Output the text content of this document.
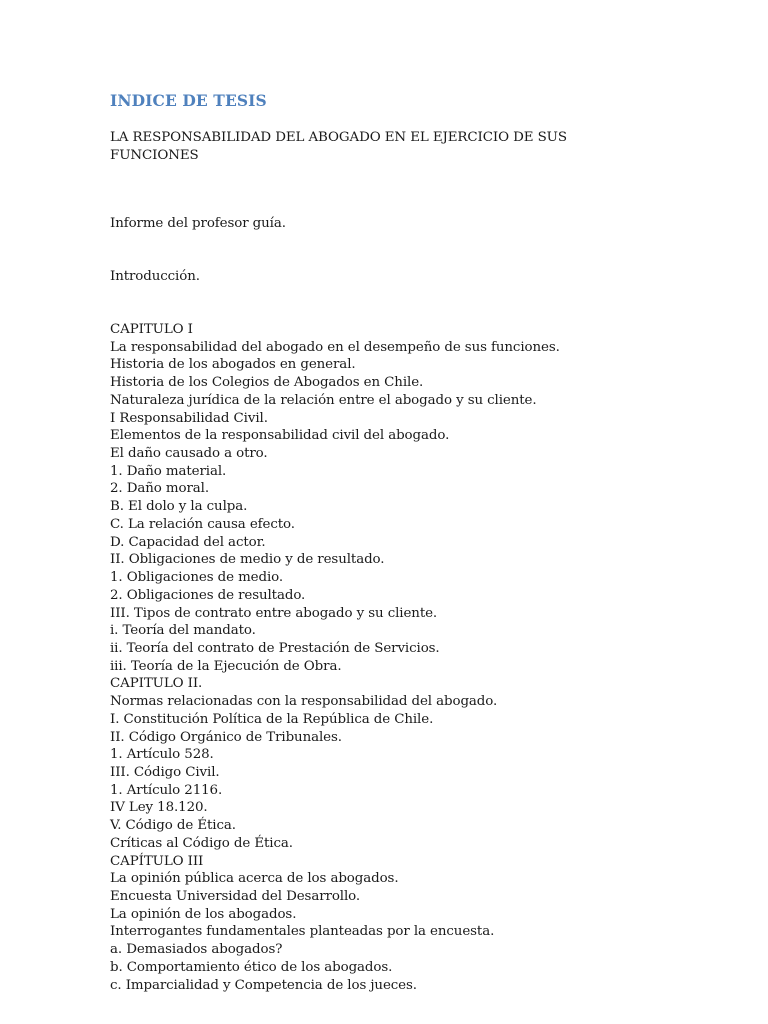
INDICE DE TESIS
LA RESPONSABILIDAD DEL ABOGADO EN EL EJERCICIO DE SUS FUNCIONES
Informe del profesor guía.
Introducción.
CAPITULO I
La responsabilidad del abogado en el desempeño de sus funciones.
Historia de los abogados en general.
Historia de los Colegios de Abogados en Chile.
Naturaleza jurídica de la relación entre el abogado y su cliente.
I Responsabilidad Civil.
Elementos de la responsabilidad civil del abogado.
El daño causado a otro.
1. Daño material.
2. Daño moral.
B. El dolo y la culpa.
C. La relación causa efecto.
D. Capacidad del actor.
II. Obligaciones de medio y de resultado.
1. Obligaciones de medio.
2. Obligaciones de resultado.
III. Tipos de contrato entre abogado y su cliente.
i. Teoría del mandato.
ii. Teoría del contrato de Prestación de Servicios.
iii. Teoría de la Ejecución de Obra.
CAPITULO II.
Normas relacionadas con la responsabilidad del abogado.
I. Constitución Política de la República de Chile.
II. Código Orgánico de Tribunales.
1. Artículo 528.
III. Código Civil.
1. Artículo 2116.
IV Ley 18.120.
V. Código de Ética.
Críticas al Código de Ética.
CAPÍTULO III
La opinión pública acerca de los abogados.
Encuesta Universidad del Desarrollo.
La opinión de los abogados.
Interrogantes fundamentales planteadas por la encuesta.
a. Demasiados abogados?
b. Comportamiento ético de los abogados.
c. Imparcialidad y Competencia de los jueces.
